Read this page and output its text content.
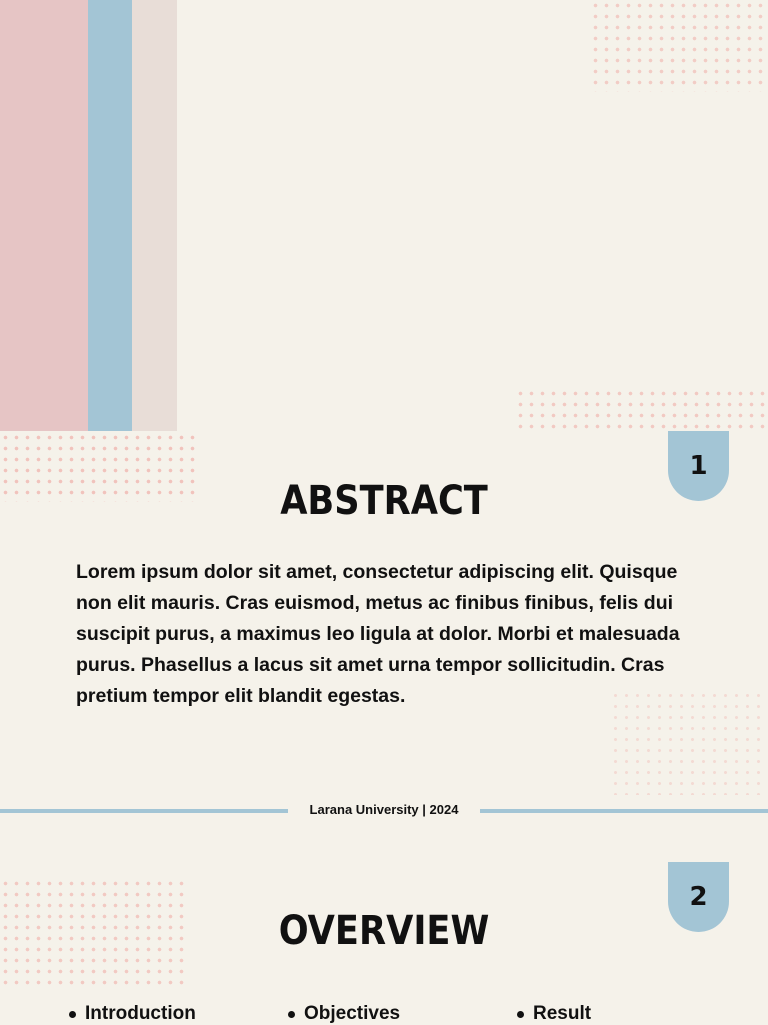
1
ABSTRACT
Lorem ipsum dolor sit amet, consectetur adipiscing elit. Quisque non elit mauris. Cras euismod, metus ac finibus finibus, felis dui suscipit purus, a maximus leo ligula at dolor. Morbi et malesuada purus. Phasellus a lacus sit amet urna tempor sollicitudin. Cras pretium tempor elit blandit egestas.
Larana University | 2024
2
OVERVIEW
Introduction	Objectives	Result
